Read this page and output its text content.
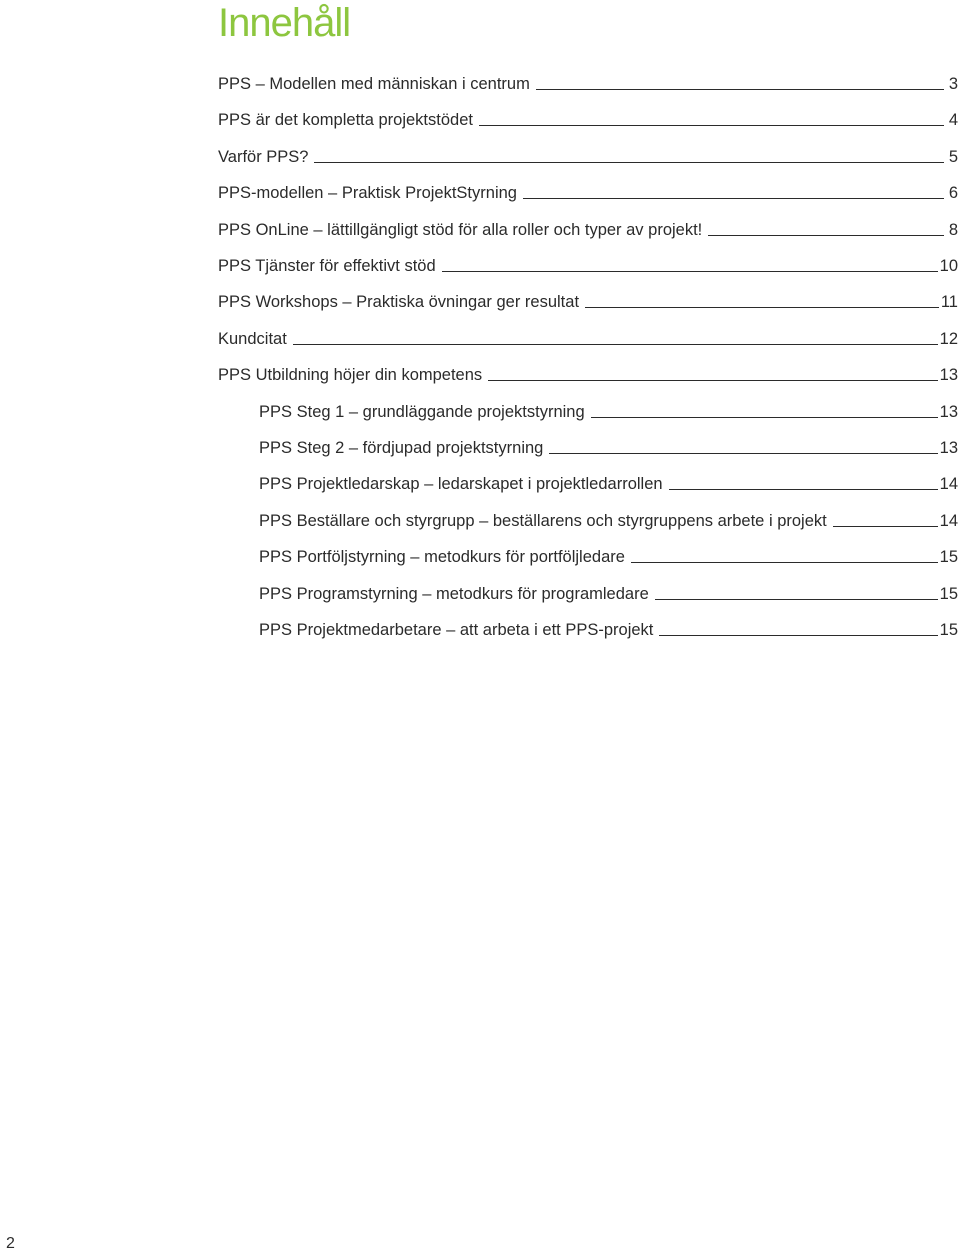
Innehåll
PPS – Modellen med människan i centrum	3
PPS är det kompletta projektstödet	4
Varför PPS?	5
PPS-modellen – Praktisk ProjektStyrning	6
PPS OnLine – lättillgängligt stöd för alla roller och typer av projekt!	8
PPS Tjänster för effektivt stöd	10
PPS Workshops – Praktiska övningar ger resultat	11
Kundcitat	12
PPS Utbildning höjer din kompetens	13
PPS Steg 1 – grundläggande projektstyrning	13
PPS Steg 2 – fördjupad projektstyrning	13
PPS Projektledarskap – ledarskapet i projektledarrollen	14
PPS Beställare och styrgrupp – beställarens och styrgruppens arbete i projekt	14
PPS Portföljstyrning – metodkurs för portföljledare	15
PPS Programstyrning – metodkurs för programledare	15
PPS Projektmedarbetare – att arbeta i ett PPS-projekt	15
2
